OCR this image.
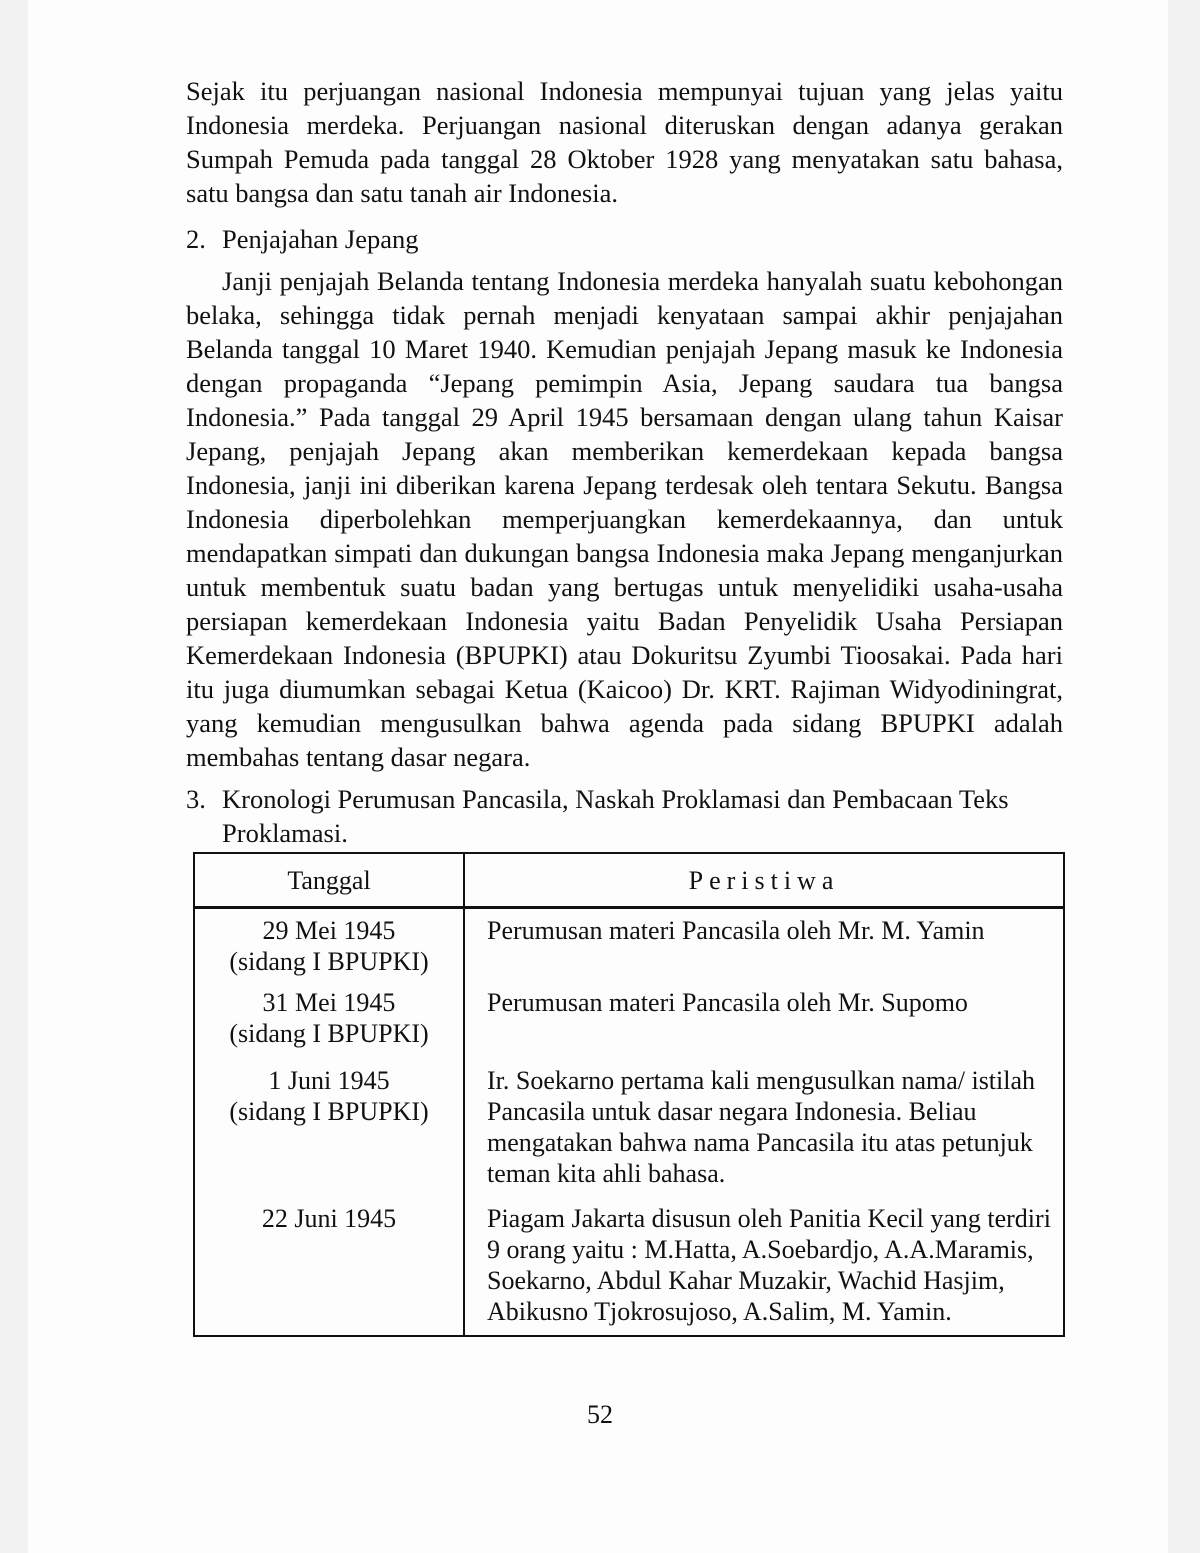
Sejak itu perjuangan nasional Indonesia mempunyai tujuan yang jelas yaitu Indonesia merdeka. Perjuangan nasional diteruskan dengan adanya gerakan Sumpah Pemuda pada tanggal 28 Oktober 1928 yang menyatakan satu bahasa, satu bangsa dan satu tanah air Indonesia.

2. Penjajahan Jepang

Janji penjajah Belanda tentang Indonesia merdeka hanyalah suatu kebohongan belaka, sehingga tidak pernah menjadi kenyataan sampai akhir penjajahan Belanda tanggal 10 Maret 1940. Kemudian penjajah Jepang masuk ke Indonesia dengan propaganda “Jepang pemimpin Asia, Jepang saudara tua bangsa Indonesia.” Pada tanggal 29 April 1945 bersamaan dengan ulang tahun Kaisar Jepang, penjajah Jepang akan memberikan kemerdekaan kepada bangsa Indonesia, janji ini diberikan karena Jepang terdesak oleh tentara Sekutu. Bangsa Indonesia diperbolehkan memperjuangkan kemerdekaannya, dan untuk mendapatkan simpati dan dukungan bangsa Indonesia maka Jepang menganjurkan untuk membentuk suatu badan yang bertugas untuk menyelidiki usaha-usaha persiapan kemerdekaan Indonesia yaitu Badan Penyelidik Usaha Persiapan Kemerdekaan Indonesia (BPUPKI) atau Dokuritsu Zyumbi Tioosakai. Pada hari itu juga diumumkan sebagai Ketua (Kaicoo) Dr. KRT. Rajiman Widyodiningrat, yang kemudian mengusulkan bahwa agenda pada sidang BPUPKI adalah membahas tentang dasar negara.

3. Kronologi Perumusan Pancasila, Naskah Proklamasi dan Pembacaan Teks Proklamasi.
Tanggal	Peristiwa

29 Mei 1945
(sidang I BPUPKI)	Perumusan materi Pancasila oleh Mr. M. Yamin

31 Mei 1945
(sidang I BPUPKI)	Perumusan materi Pancasila oleh Mr. Supomo

1 Juni 1945
(sidang I BPUPKI)	Ir. Soekarno pertama kali mengusulkan nama/ istilah Pancasila untuk dasar negara Indonesia. Beliau mengatakan bahwa nama Pancasila itu atas petunjuk teman kita ahli bahasa.

22 Juni 1945	Piagam Jakarta disusun oleh Panitia Kecil yang terdiri 9 orang yaitu : M.Hatta, A.Soebardjo, A.A.Maramis, Soekarno, Abdul Kahar Muzakir, Wachid Hasjim, Abikusno Tjokrosujoso, A.Salim, M. Yamin.
52
